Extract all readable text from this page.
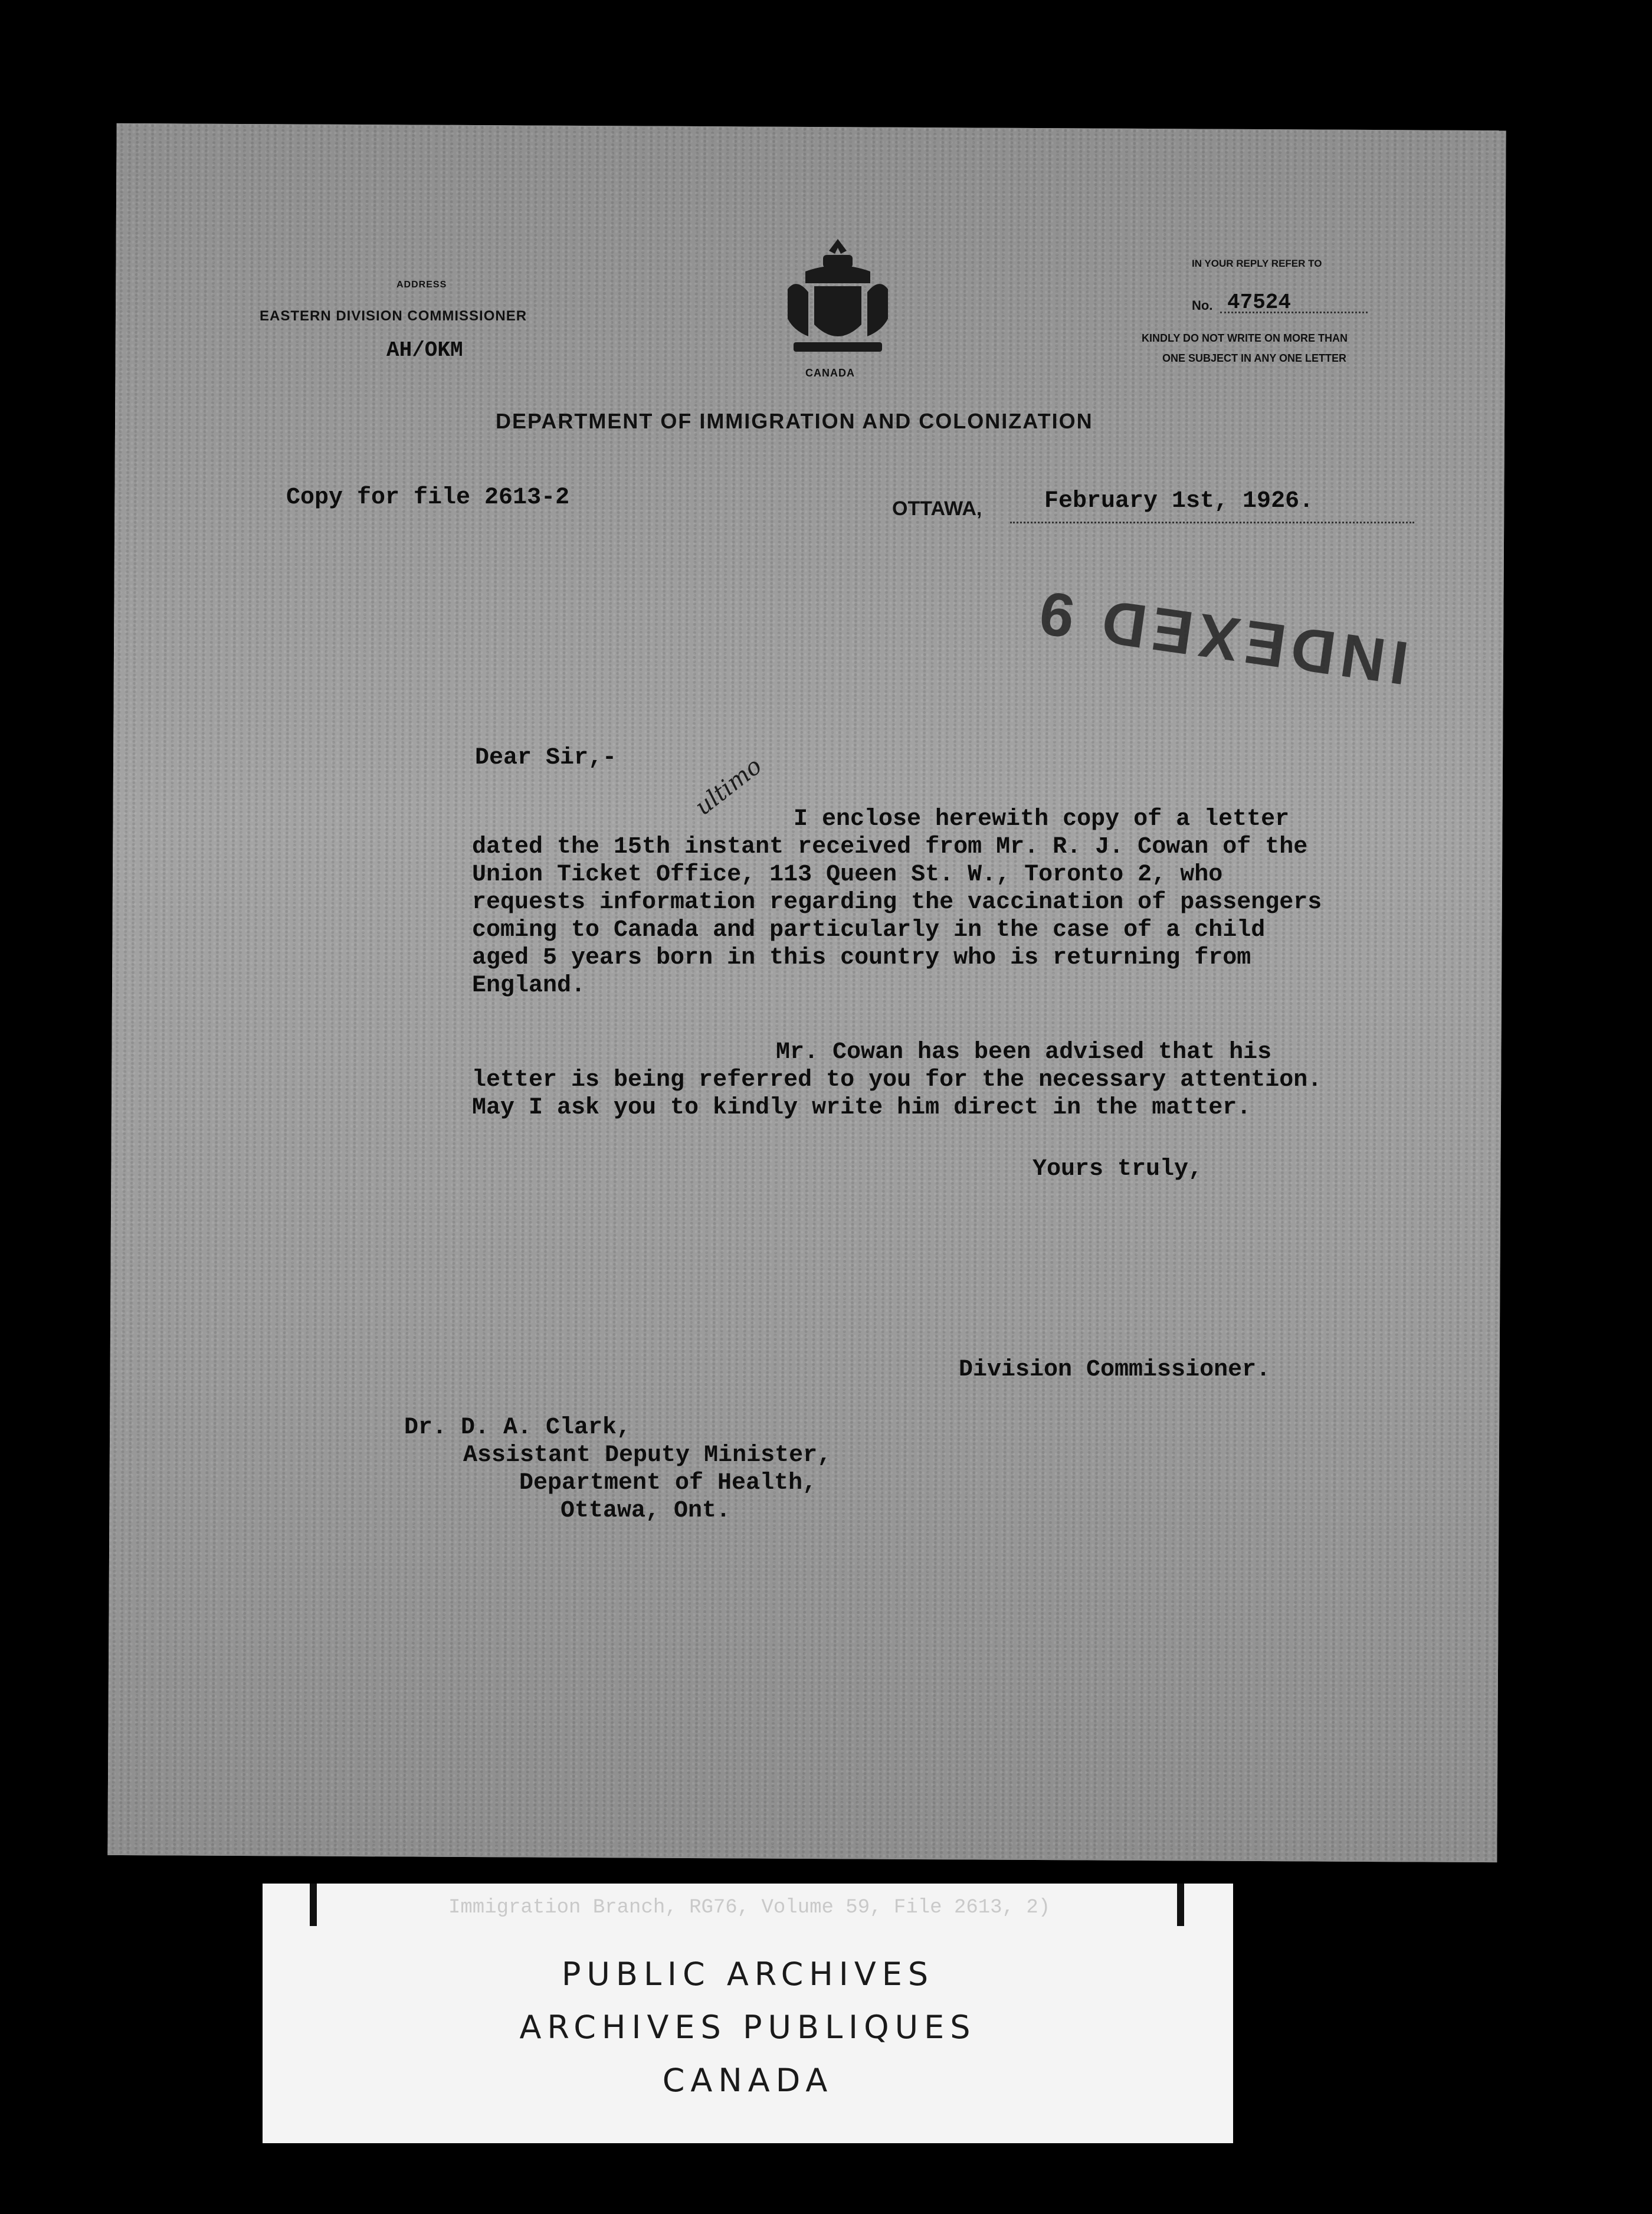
ADDRESS
EASTERN DIVISION COMMISSIONER
AH/OKM
CANADA
IN YOUR REPLY REFER TO
No. 47524
KINDLY DO NOT WRITE ON MORE THAN
ONE SUBJECT IN ANY ONE LETTER
DEPARTMENT OF IMMIGRATION AND COLONIZATION
Copy for file 2613-2	OTTAWA,	February 1st, 1926.
INDEXED 9
ultimo
Dear Sir,-
I enclose herewith copy of a letter
dated the 15th instant received from Mr. R. J. Cowan of the
Union Ticket Office, 113 Queen St. W., Toronto 2, who
requests information regarding the vaccination of passengers
coming to Canada and particularly in the case of a child
aged 5 years born in this country who is returning from
England.
Mr. Cowan has been advised that his
letter is being referred to you for the necessary attention.
May I ask you to kindly write him direct in the matter.
Yours truly,
Division Commissioner.
Dr. D. A. Clark,
Assistant Deputy Minister,
Department of Health,
Ottawa, Ont.
Immigration Branch, RG76, Volume 59, File 2613, 2)
PUBLIC ARCHIVES
ARCHIVES PUBLIQUES
CANADA
